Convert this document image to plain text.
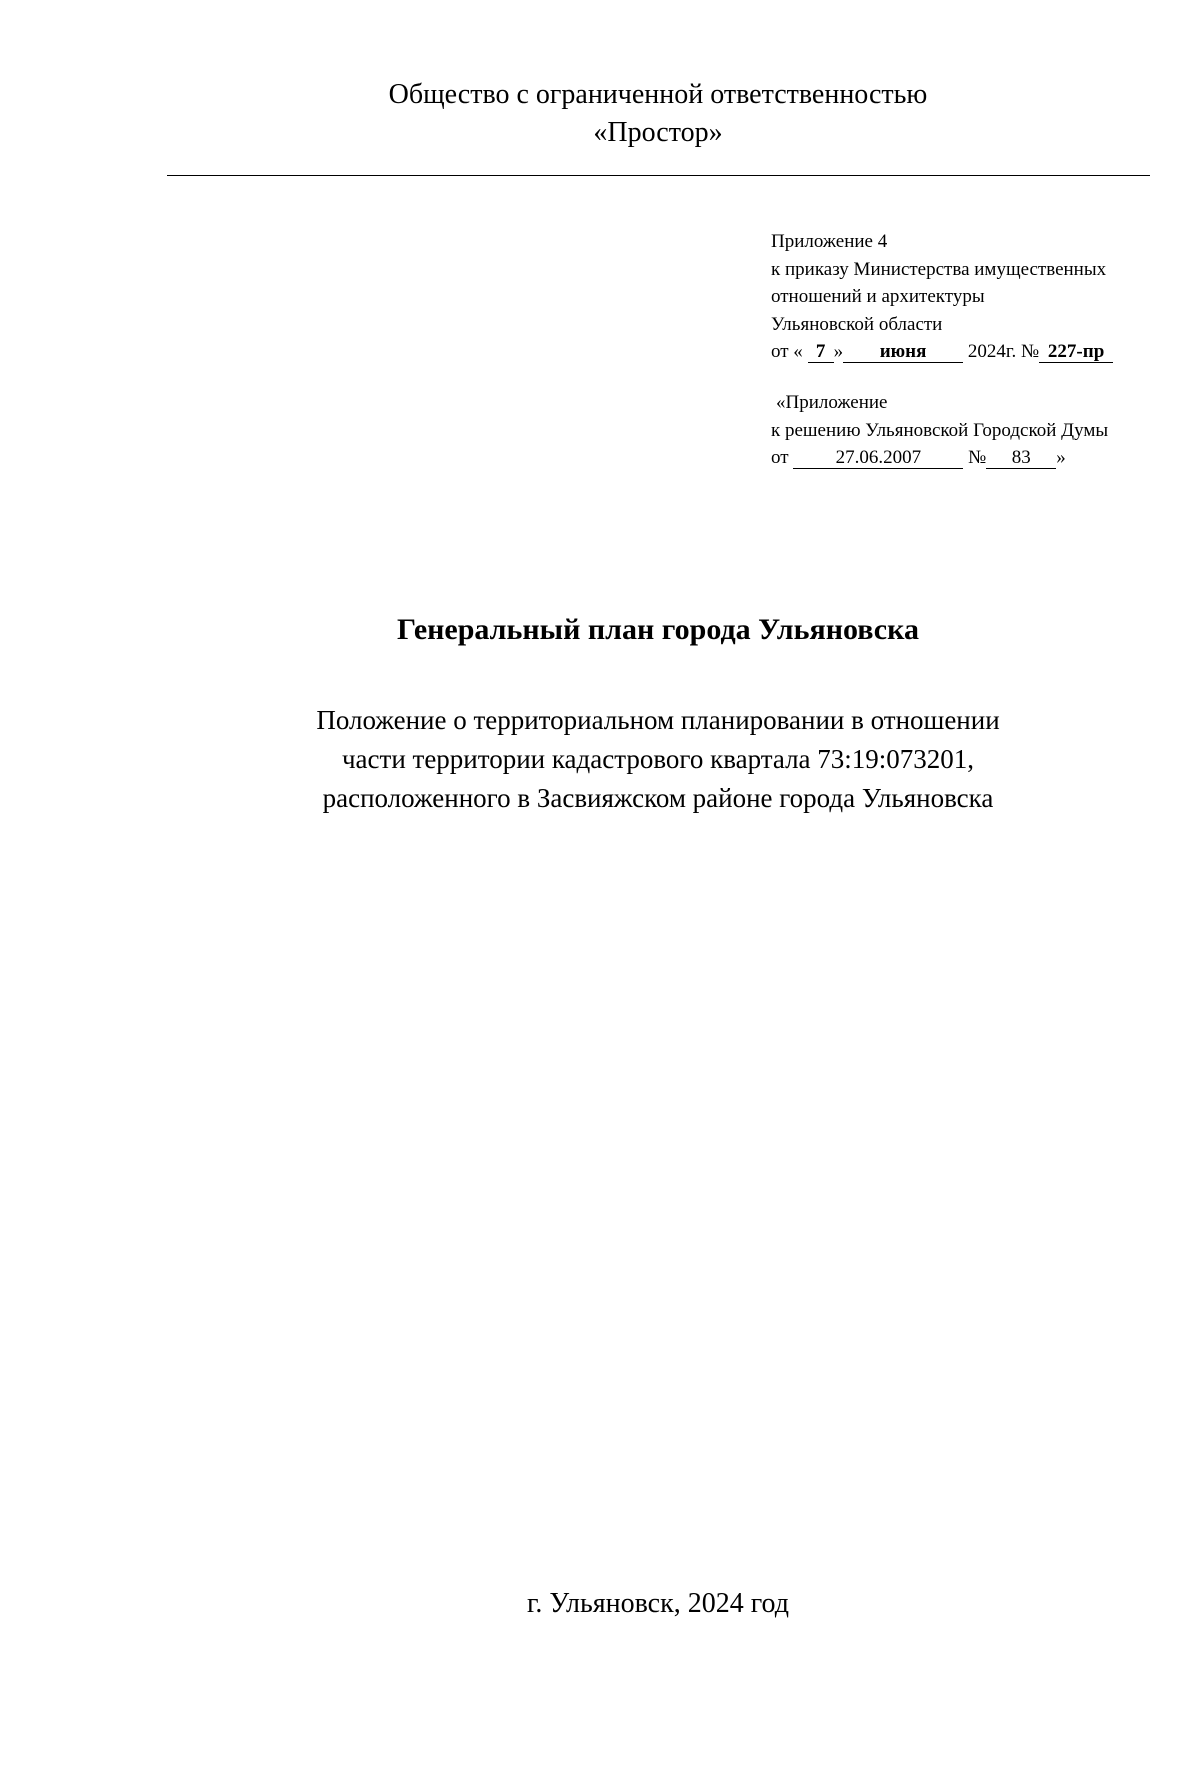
Общество с ограниченной ответственностью
«Простор»
Приложение 4
к приказу Министерства имущественных
отношений и архитектуры
Ульяновской области
от « 7 » июня 2024г. № 227-пр
«Приложение
к решению Ульяновской Городской Думы
от 27.06.2007 № 83 »
Генеральный план города Ульяновска
Положение о территориальном планировании в отношении
части территории кадастрового квартала 73:19:073201,
расположенного в Засвияжском районе города Ульяновска
г. Ульяновск, 2024 год
